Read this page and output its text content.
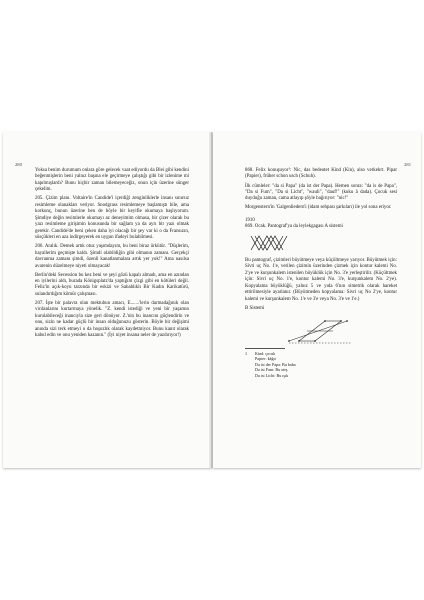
280

Yoksa benim durumum onlara göre gelecek vaat ediyordu da Blei gibi kendini beğenmişlerin beni yalnız başına ele geçirmeye çalıştığı gibi bir izlenime mi kapılmışlardı? Bunu hiçbir zaman bilemeyeceğiz, onun için üzerine sünger çekelim.

205. Çizim planı. Voltaire'in Candide'i içerdiği zenginliklerle insanı sınırsız resimleme olanakları veriyor. Snodgrass resimlemeye başlamıştı bile, ama korkunç, bunun üzerine ben de böyle bir keyifle okumaya başlıyorum. Şimdiye değin resimlerle okumayı az deneyimim olmasa, bir çizer olarak bu yazı resimleme girişimin konusunda bir sağlam ya da ayrı bir yazı olmak gerekir. Candide'de beni çeken daha iyi olacağı bir şey var ki o da Fransızın, süsçükleri en aza indirgeyerek en uygun ifadeyi bulabilmesi.

206. Aralık. Demek artık otuz yaşımdayım, bu beni biraz ürkütür. "Düşlerim, hayallerim geçmişte kaldı. Şimdi olabildiğin gibi olmanın zamanı. Gerçekçi davranma zamanı şimdi, özenli kanatlanmalara artık yer yok!" Ama nasılsa avarenin düzelmeye niyeti olmayacak!

Berlin'deki Secession bu kez beni ve şeyi gözü kapalı almadı, ama en azından en iyilerini aldı, burada Königsplatz'da yaptığım çizgi gibi en kötüleri değil. Feliz'in açık-koyu tarzında bir eskizi ve Sabahlıklı Bir Kadın Karikatürü, sulandırdığım kömür çalışması.

207. İşte bir palavra olan mektubun amacı, E.......'lerin darmadağınık olan vicdanlarını kurtarmaya yönelik. "Z. kendi istediği ve yeni bir yaşamın kurulabileceği inancıyla size geri dönüyor. Z.'nin bu inancını güçlendirin ve onu, sizin ne kadar güçlü bir insan olduğunuzu gösterin. Böyle bir değişimi anında sizi terk etmeyi o da hoşuzlık olarak kaydetmiyor. Bunu kanıt olarak kabul edin ve onu yeniden kazanın." (İyi niyet insana neler de yazdırıyor!)

281

868. Felix konuşuyor¹: Nic, das bedeutet Kind (Kin), also verkehrt. Pipar (Papier), früher schon usch (Schuh).

İlk cümleler: "da si Papa" (da ist der Papa). Hemen sonra: "da is de Papa", "Da si Fum", "Da si Licht", "wauli", "dauf!" (kuku â dada). Çocuk sesi duyduğu zaman, cama atlayıp şöyle bağırıyor: "nic!"

Morgenstern'in 'Galgenliedern'i (idam sehpası şarkıları) ile yol sona eriyor.

1910

869. Ocak. Pantograf'ya da leylekgagası A sistemi

Bu pantograf, çizimleri büyütmeye veya küçültmeye yarıyor. Büyütmek için: Sivri uç No. 1'e, verilen çizimin üzerinden çizmek için kontur kalemi No. 2'ye ve kurşunkalem istenilen büyüklük için No. 3'e yerleştirilir. (Küçültmek için: Sivri uç No. 1'e, kontur kalemi No. 3'e, kurşunkalem No. 2'ye). Kopyalama büyüklüğü, yalnız 5 ve yıda 6'nın simetrik olarak hareket ettirilmesiyle ayarlanır. (Büyütmeden kopyalama: Sivri uç No 2'ye, kontur kalemi ve kurşunkalem No. 1'e ve 3'e veya No. 3'e ve 1'e.)

B Sistemi

1 Kind: çocuk
Papier: kâğıt
Da ist der Papa: Bu baba
Da ist Fum: Bu ateş
Da ist Licht: Bu ışık
